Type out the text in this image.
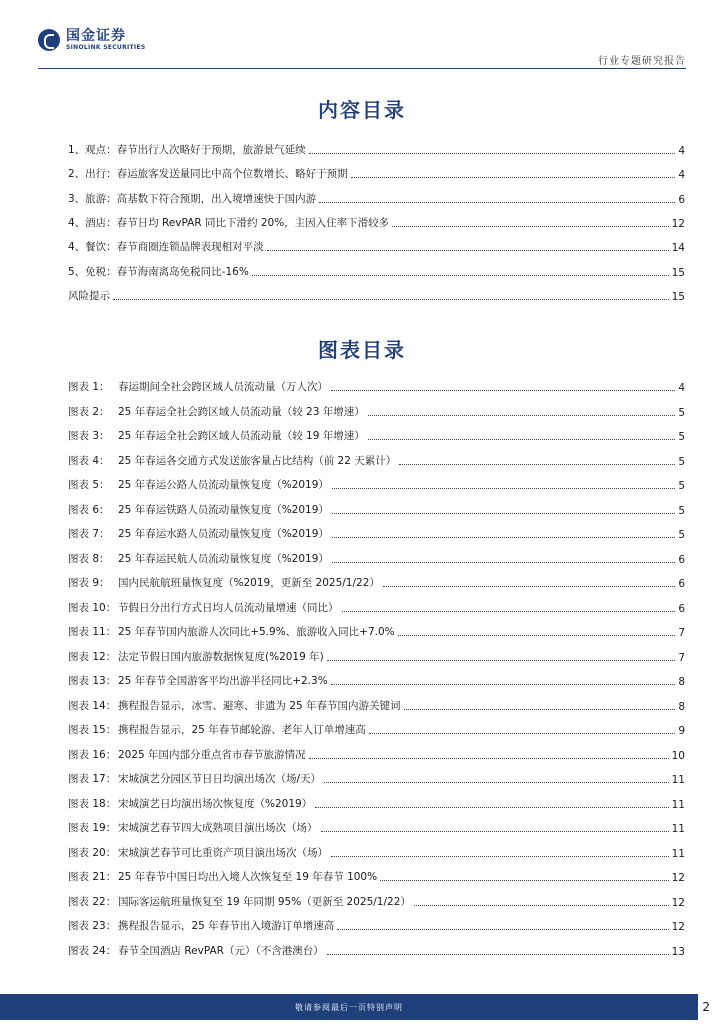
国金证券
SINOLINK SECURITIES
行业专题研究报告
内容目录
1、观点：春节出行人次略好于预期，旅游景气延续	4
2、出行：春运旅客发送量同比中高个位数增长、略好于预期	4
3、旅游：高基数下符合预期，出入境增速快于国内游	6
4、酒店：春节日均 RevPAR 同比下滑约 20%，主因入住率下滑较多	12
4、餐饮：春节商圈连锁品牌表现相对平淡	14
5、免税：春节海南离岛免税同比-16%	15
风险提示	15
图表目录
图表 1： 春运期间全社会跨区域人员流动量（万人次）	4
图表 2： 25 年春运全社会跨区域人员流动量（较 23 年增速）	5
图表 3： 25 年春运全社会跨区域人员流动量（较 19 年增速）	5
图表 4： 25 年春运各交通方式发送旅客量占比结构（前 22 天累计）	5
图表 5： 25 年春运公路人员流动量恢复度（%2019）	5
图表 6： 25 年春运铁路人员流动量恢复度（%2019）	5
图表 7： 25 年春运水路人员流动量恢复度（%2019）	5
图表 8： 25 年春运民航人员流动量恢复度（%2019）	6
图表 9： 国内民航航班量恢复度（%2019，更新至 2025/1/22）	6
图表 10： 节假日分出行方式日均人员流动量增速（同比）	6
图表 11： 25 年春节国内旅游人次同比+5.9%、旅游收入同比+7.0%	7
图表 12： 法定节假日国内旅游数据恢复度(%2019 年)	7
图表 13： 25 年春节全国游客平均出游半径同比+2.3%	8
图表 14： 携程报告显示，冰雪、避寒、非遗为 25 年春节国内游关键词	8
图表 15： 携程报告显示，25 年春节邮轮游、老年人订单增速高	9
图表 16： 2025 年国内部分重点省市春节旅游情况	10
图表 17： 宋城演艺分园区节日日均演出场次（场/天）	11
图表 18： 宋城演艺日均演出场次恢复度（%2019）	11
图表 19： 宋城演艺春节四大成熟项目演出场次（场）	11
图表 20： 宋城演艺春节可比重资产项目演出场次（场）	11
图表 21： 25 年春节中国日均出入境人次恢复至 19 年春节 100%	12
图表 22： 国际客运航班量恢复至 19 年同期 95%（更新至 2025/1/22）	12
图表 23： 携程报告显示，25 年春节出入境游订单增速高	12
图表 24： 春节全国酒店 RevPAR（元）（不含港澳台）	13
敬请参阅最后一页特别声明	2
